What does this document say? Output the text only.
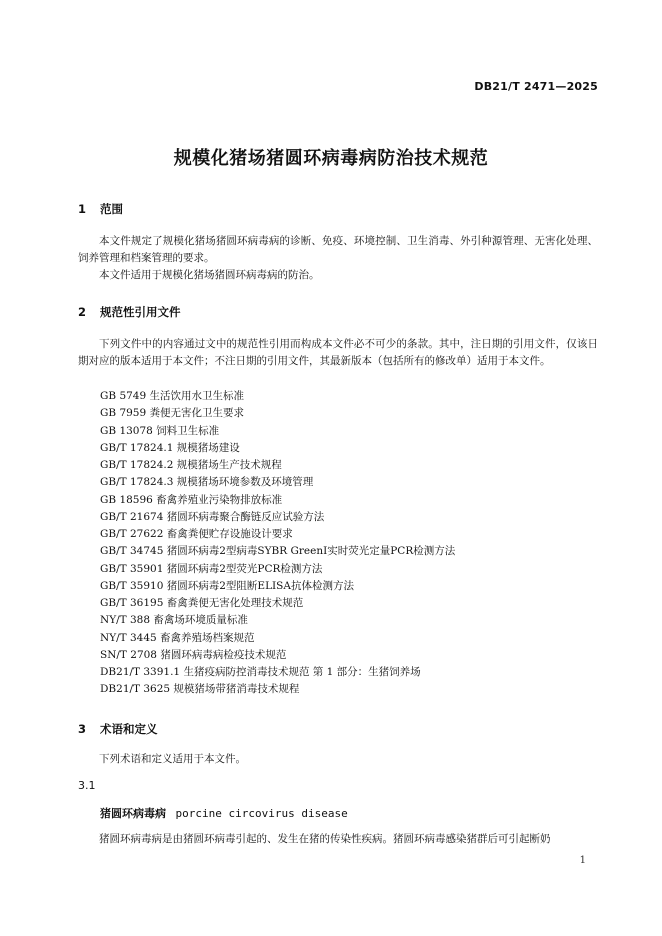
DB21/T 2471—2025
规模化猪场猪圆环病毒病防治技术规范
1 范围
本文件规定了规模化猪场猪圆环病毒病的诊断、免疫、环境控制、卫生消毒、外引种源管理、无害化处理、饲养管理和档案管理的要求。
本文件适用于规模化猪场猪圆环病毒病的防治。
2 规范性引用文件
下列文件中的内容通过文中的规范性引用而构成本文件必不可少的条款。其中，注日期的引用文件，仅该日期对应的版本适用于本文件；不注日期的引用文件，其最新版本（包括所有的修改单）适用于本文件。
GB 5749 生活饮用水卫生标准
GB 7959 粪便无害化卫生要求
GB 13078 饲料卫生标准
GB/T 17824.1 规模猪场建设
GB/T 17824.2 规模猪场生产技术规程
GB/T 17824.3 规模猪场环境参数及环境管理
GB 18596 畜禽养殖业污染物排放标准
GB/T 21674 猪圆环病毒聚合酶链反应试验方法
GB/T 27622 畜禽粪便贮存设施设计要求
GB/T 34745 猪圆环病毒2型病毒SYBR GreenⅠ实时荧光定量PCR检测方法
GB/T 35901 猪圆环病毒2型荧光PCR检测方法
GB/T 35910 猪圆环病毒2型阻断ELISA抗体检测方法
GB/T 36195 畜禽粪便无害化处理技术规范
NY/T 388 畜禽场环境质量标准
NY/T 3445 畜禽养殖场档案规范
SN/T 2708 猪圆环病毒病检疫技术规范
DB21/T 3391.1 生猪疫病防控消毒技术规范 第 1 部分：生猪饲养场
DB21/T 3625 规模猪场带猪消毒技术规程
3 术语和定义
下列术语和定义适用于本文件。
3.1
猪圆环病毒病 porcine circovirus disease
猪圆环病毒病是由猪圆环病毒引起的、发生在猪的传染性疾病。猪圆环病毒感染猪群后可引起断奶
1
